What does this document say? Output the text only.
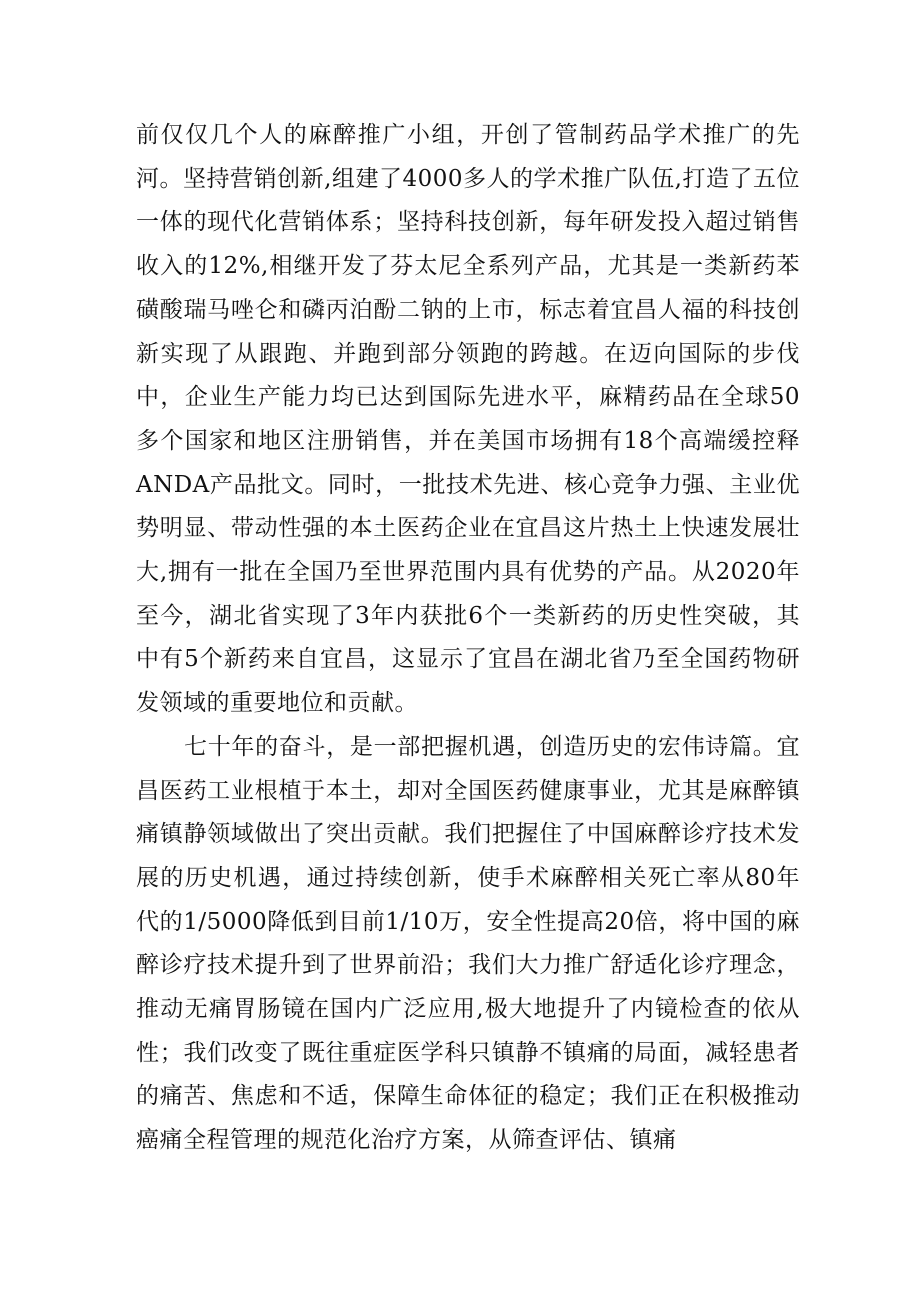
前仅仅几个人的麻醉推广小组，开创了管制药品学术推广的先河。坚持营销创新,组建了4000多人的学术推广队伍,打造了五位一体的现代化营销体系；坚持科技创新，每年研发投入超过销售收入的12%,相继开发了芬太尼全系列产品，尤其是一类新药苯磺酸瑞马唑仑和磷丙泊酚二钠的上市，标志着宜昌人福的科技创新实现了从跟跑、并跑到部分领跑的跨越。在迈向国际的步伐中，企业生产能力均已达到国际先进水平，麻精药品在全球50多个国家和地区注册销售，并在美国市场拥有18个高端缓控释ANDA产品批文。同时，一批技术先进、核心竞争力强、主业优势明显、带动性强的本土医药企业在宜昌这片热土上快速发展壮大,拥有一批在全国乃至世界范围内具有优势的产品。从2020年至今，湖北省实现了3年内获批6个一类新药的历史性突破，其中有5个新药来自宜昌，这显示了宜昌在湖北省乃至全国药物研发领域的重要地位和贡献。

七十年的奋斗，是一部把握机遇，创造历史的宏伟诗篇。宜昌医药工业根植于本土，却对全国医药健康事业，尤其是麻醉镇痛镇静领域做出了突出贡献。我们把握住了中国麻醉诊疗技术发展的历史机遇，通过持续创新，使手术麻醉相关死亡率从80年代的1/5000降低到目前1/10万，安全性提高20倍，将中国的麻醉诊疗技术提升到了世界前沿；我们大力推广舒适化诊疗理念，推动无痛胃肠镜在国内广泛应用,极大地提升了内镜检查的依从性；我们改变了既往重症医学科只镇静不镇痛的局面，减轻患者的痛苦、焦虑和不适，保障生命体征的稳定；我们正在积极推动癌痛全程管理的规范化治疗方案，从筛查评估、镇痛
